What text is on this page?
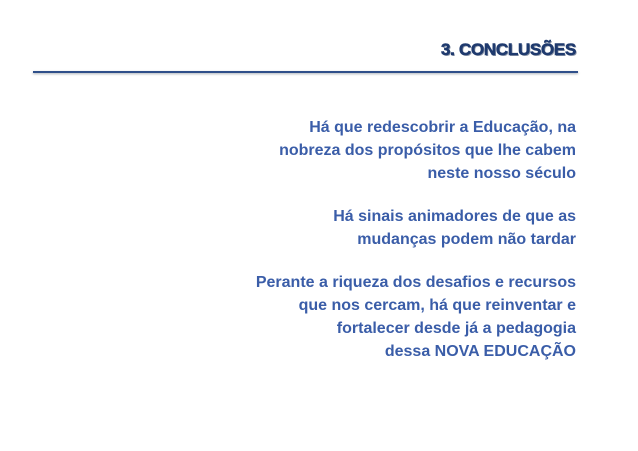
3. CONCLUSÕES
Há que redescobrir a Educação, na
nobreza dos propósitos que lhe cabem
neste nosso século
Há sinais animadores de que as
mudanças podem não tardar
Perante a riqueza dos desafios e recursos
que nos cercam, há que reinventar e
fortalecer desde já a pedagogia
dessa NOVA EDUCAÇÃO
